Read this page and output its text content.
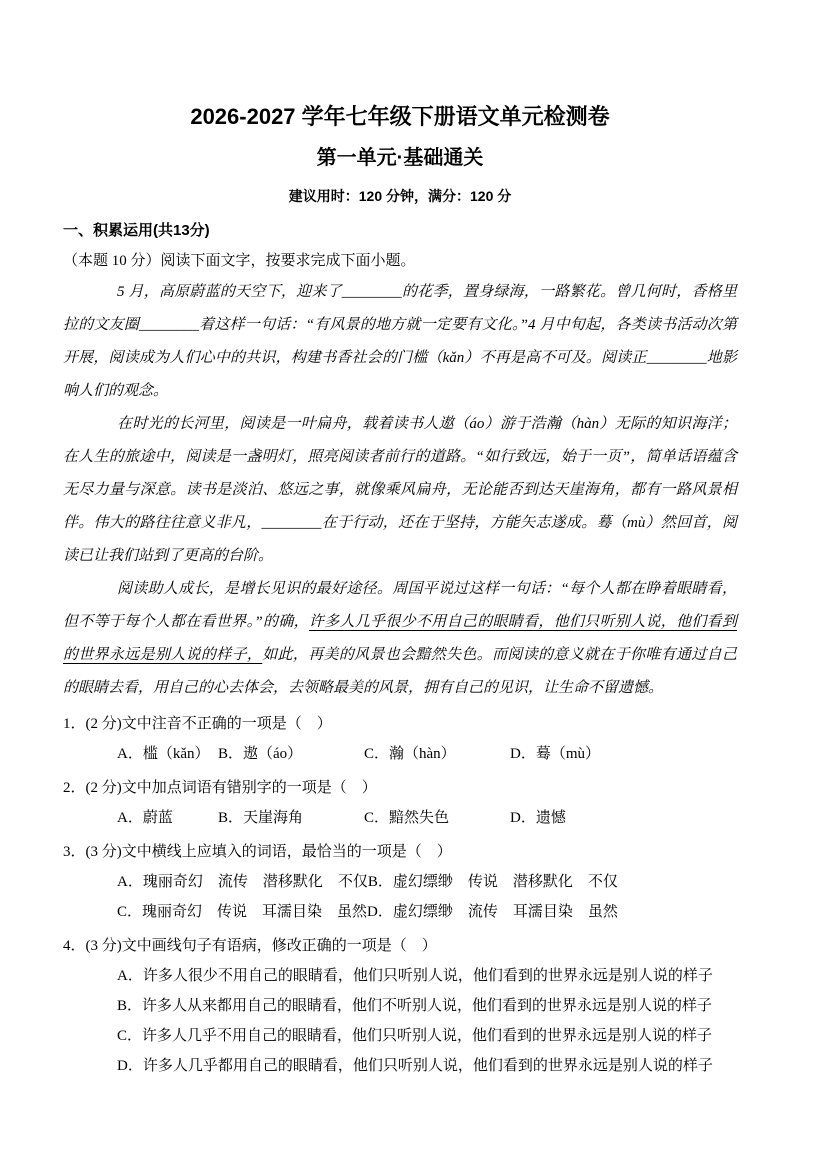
2026-2027 学年七年级下册语文单元检测卷
第一单元·基础通关

建议用时：120 分钟，满分：120 分

一、积累运用(共13分)

（本题 10 分）阅读下面文字，按要求完成下面小题。

5 月，高原蔚蓝的天空下，迎来了________的花季，置身绿海，一路繁花。曾几何时，香格里拉的文友圈________着这样一句话：“有风景的地方就一定要有文化。”4 月中旬起，各类读书活动次第开展，阅读成为人们心中的共识，构建书香社会的门槛（kǎn）不再是高不可及。阅读正________地影响人们的观念。

在时光的长河里，阅读是一叶扁舟，载着读书人遨（áo）游于浩瀚（hàn）无际的知识海洋；在人生的旅途中，阅读是一盏明灯，照亮阅读者前行的道路。“如行致远，始于一页”，简单话语蕴含无尽力量与深意。读书是淡泊、悠远之事，就像乘风扁舟，无论能否到达天崖海角，都有一路风景相伴。伟大的路往往意义非凡，________在于行动，还在于坚持，方能矢志遂成。蓦（mù）然回首，阅读已让我们站到了更高的台阶。

阅读助人成长，是增长见识的最好途径。周国平说过这样一句话：“每个人都在睁着眼睛看，但不等于每个人都在看世界。”的确，许多人几乎很少不用自己的眼睛看，他们只听别人说，他们看到的世界永远是别人说的样子，如此，再美的风景也会黯然失色。而阅读的意义就在于你唯有通过自己的眼睛去看，用自己的心去体会，去领略最美的风景，拥有自己的见识，让生命不留遗憾。

1．(2 分)文中注音不正确的一项是（　）

A．槛（kǎn） B．遨（áo）	C．瀚（hàn）	D．蓦（mù）

2．(2 分)文中加点词语有错别字的一项是（　）

A．蔚蓝	B．天崖海角	C．黯然失色	D．遗憾

3．(3 分)文中横线上应填入的词语，最恰当的一项是（　）

A．瑰丽奇幻　流传　潜移默化　不仅B．虚幻缥缈　传说　潜移默化　不仅

C．瑰丽奇幻　传说　耳濡目染　虽然D．虚幻缥缈　流传　耳濡目染　虽然

4．(3 分)文中画线句子有语病，修改正确的一项是（　）

A．许多人很少不用自己的眼睛看，他们只听别人说，他们看到的世界永远是别人说的样子

B．许多人从来都用自己的眼睛看，他们不听别人说，他们看到的世界永远是别人说的样子

C．许多人几乎不用自己的眼睛看，他们只听别人说，他们看到的世界永远是别人说的样子

D．许多人几乎都用自己的眼睛看，他们只听别人说，他们看到的世界永远是别人说的样子
